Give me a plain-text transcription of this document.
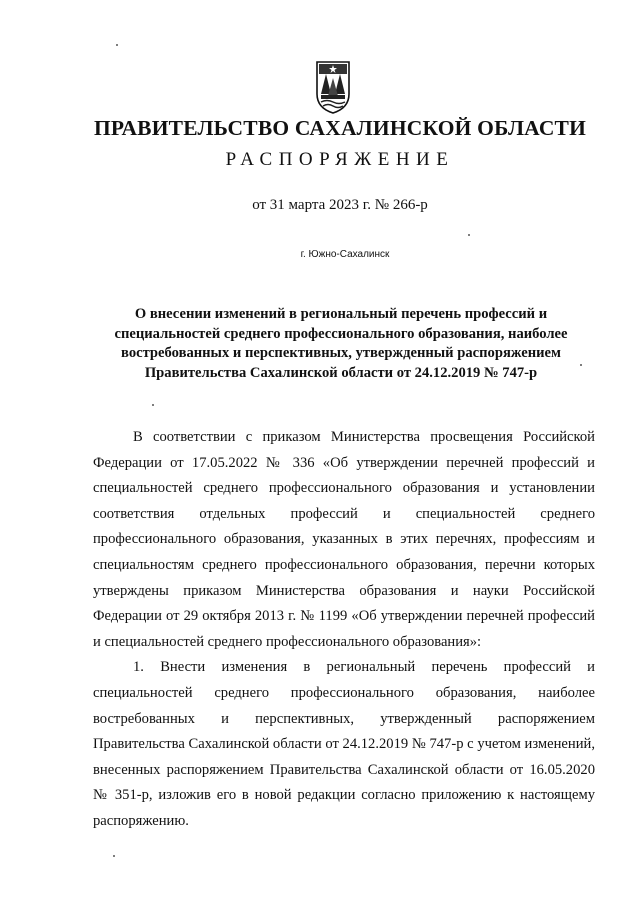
ПРАВИТЕЛЬСТВО САХАЛИНСКОЙ ОБЛАСТИ
РАСПОРЯЖЕНИЕ
от 31 марта 2023 г. № 266-р
г. Южно-Сахалинск
О внесении изменений в региональный перечень профессий и специальностей среднего профессионального образования, наиболее востребованных и перспективных, утвержденный распоряжением Правительства Сахалинской области от 24.12.2019 № 747-р

В соответствии с приказом Министерства просвещения Российской Федерации от 17.05.2022 № 336 «Об утверждении перечней профессий и специальностей среднего профессионального образования и установлении соответствия отдельных профессий и специальностей среднего профессионального образования, указанных в этих перечнях, профессиям и специальностям среднего профессионального образования, перечни которых утверждены приказом Министерства образования и науки Российской Федерации от 29 октября 2013 г. № 1199 «Об утверждении перечней профессий и специальностей среднего профессионального образования»:

1. Внести изменения в региональный перечень профессий и специальностей среднего профессионального образования, наиболее востребованных и перспективных, утвержденный распоряжением Правительства Сахалинской области от 24.12.2019 № 747-р с учетом изменений, внесенных распоряжением Правительства Сахалинской области от 16.05.2020 № 351-р, изложив его в новой редакции согласно приложению к настоящему распоряжению.
